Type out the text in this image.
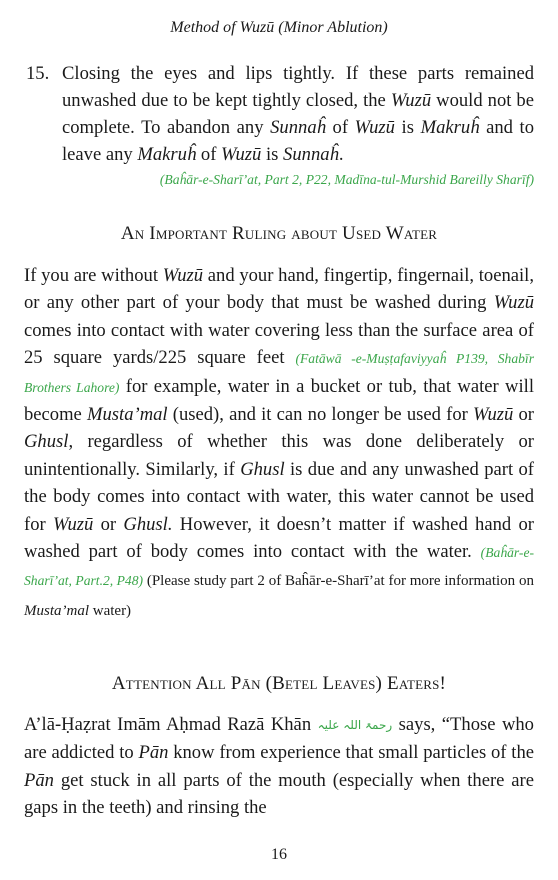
Method of Wuzū (Minor Ablution)
15. Closing the eyes and lips tightly. If these parts remained unwashed due to be kept tightly closed, the Wuzū would not be complete. To abandon any Sunnaĥ of Wuzū is Makruĥ and to leave any Makruĥ of Wuzū is Sunnaĥ.
(Baĥār-e-Sharī’at, Part 2, P22, Madīna-tul-Murshid Bareilly Sharīf)
An Important Ruling about Used Water
If you are without Wuzū and your hand, fingertip, fingernail, toenail, or any other part of your body that must be washed during Wuzū comes into contact with water covering less than the surface area of 25 square yards/225 square feet (Fatāwā -e-Muṣṭafaviyyaĥ P139, Shabīr Brothers Lahore) for example, water in a bucket or tub, that water will become Musta’mal (used), and it can no longer be used for Wuzū or Ghusl, regardless of whether this was done deliberately or unintentionally. Similarly, if Ghusl is due and any unwashed part of the body comes into contact with water, this water cannot be used for Wuzū or Ghusl. However, it doesn’t matter if washed hand or washed part of body comes into contact with the water. (Baĥār-e-Sharī’at, Part.2, P48) (Please study part 2 of Baĥār-e-Sharī’at for more information on Musta’mal water)
Attention All Pān (Betel Leaves) Eaters!
A’lā-Ḥaẓrat Imām Aḥmad Razā Khān رحمۃ اللہ علیہ says, “Those who are addicted to Pān know from experience that small particles of the Pān get stuck in all parts of the mouth (especially when there are gaps in the teeth) and rinsing the
16
